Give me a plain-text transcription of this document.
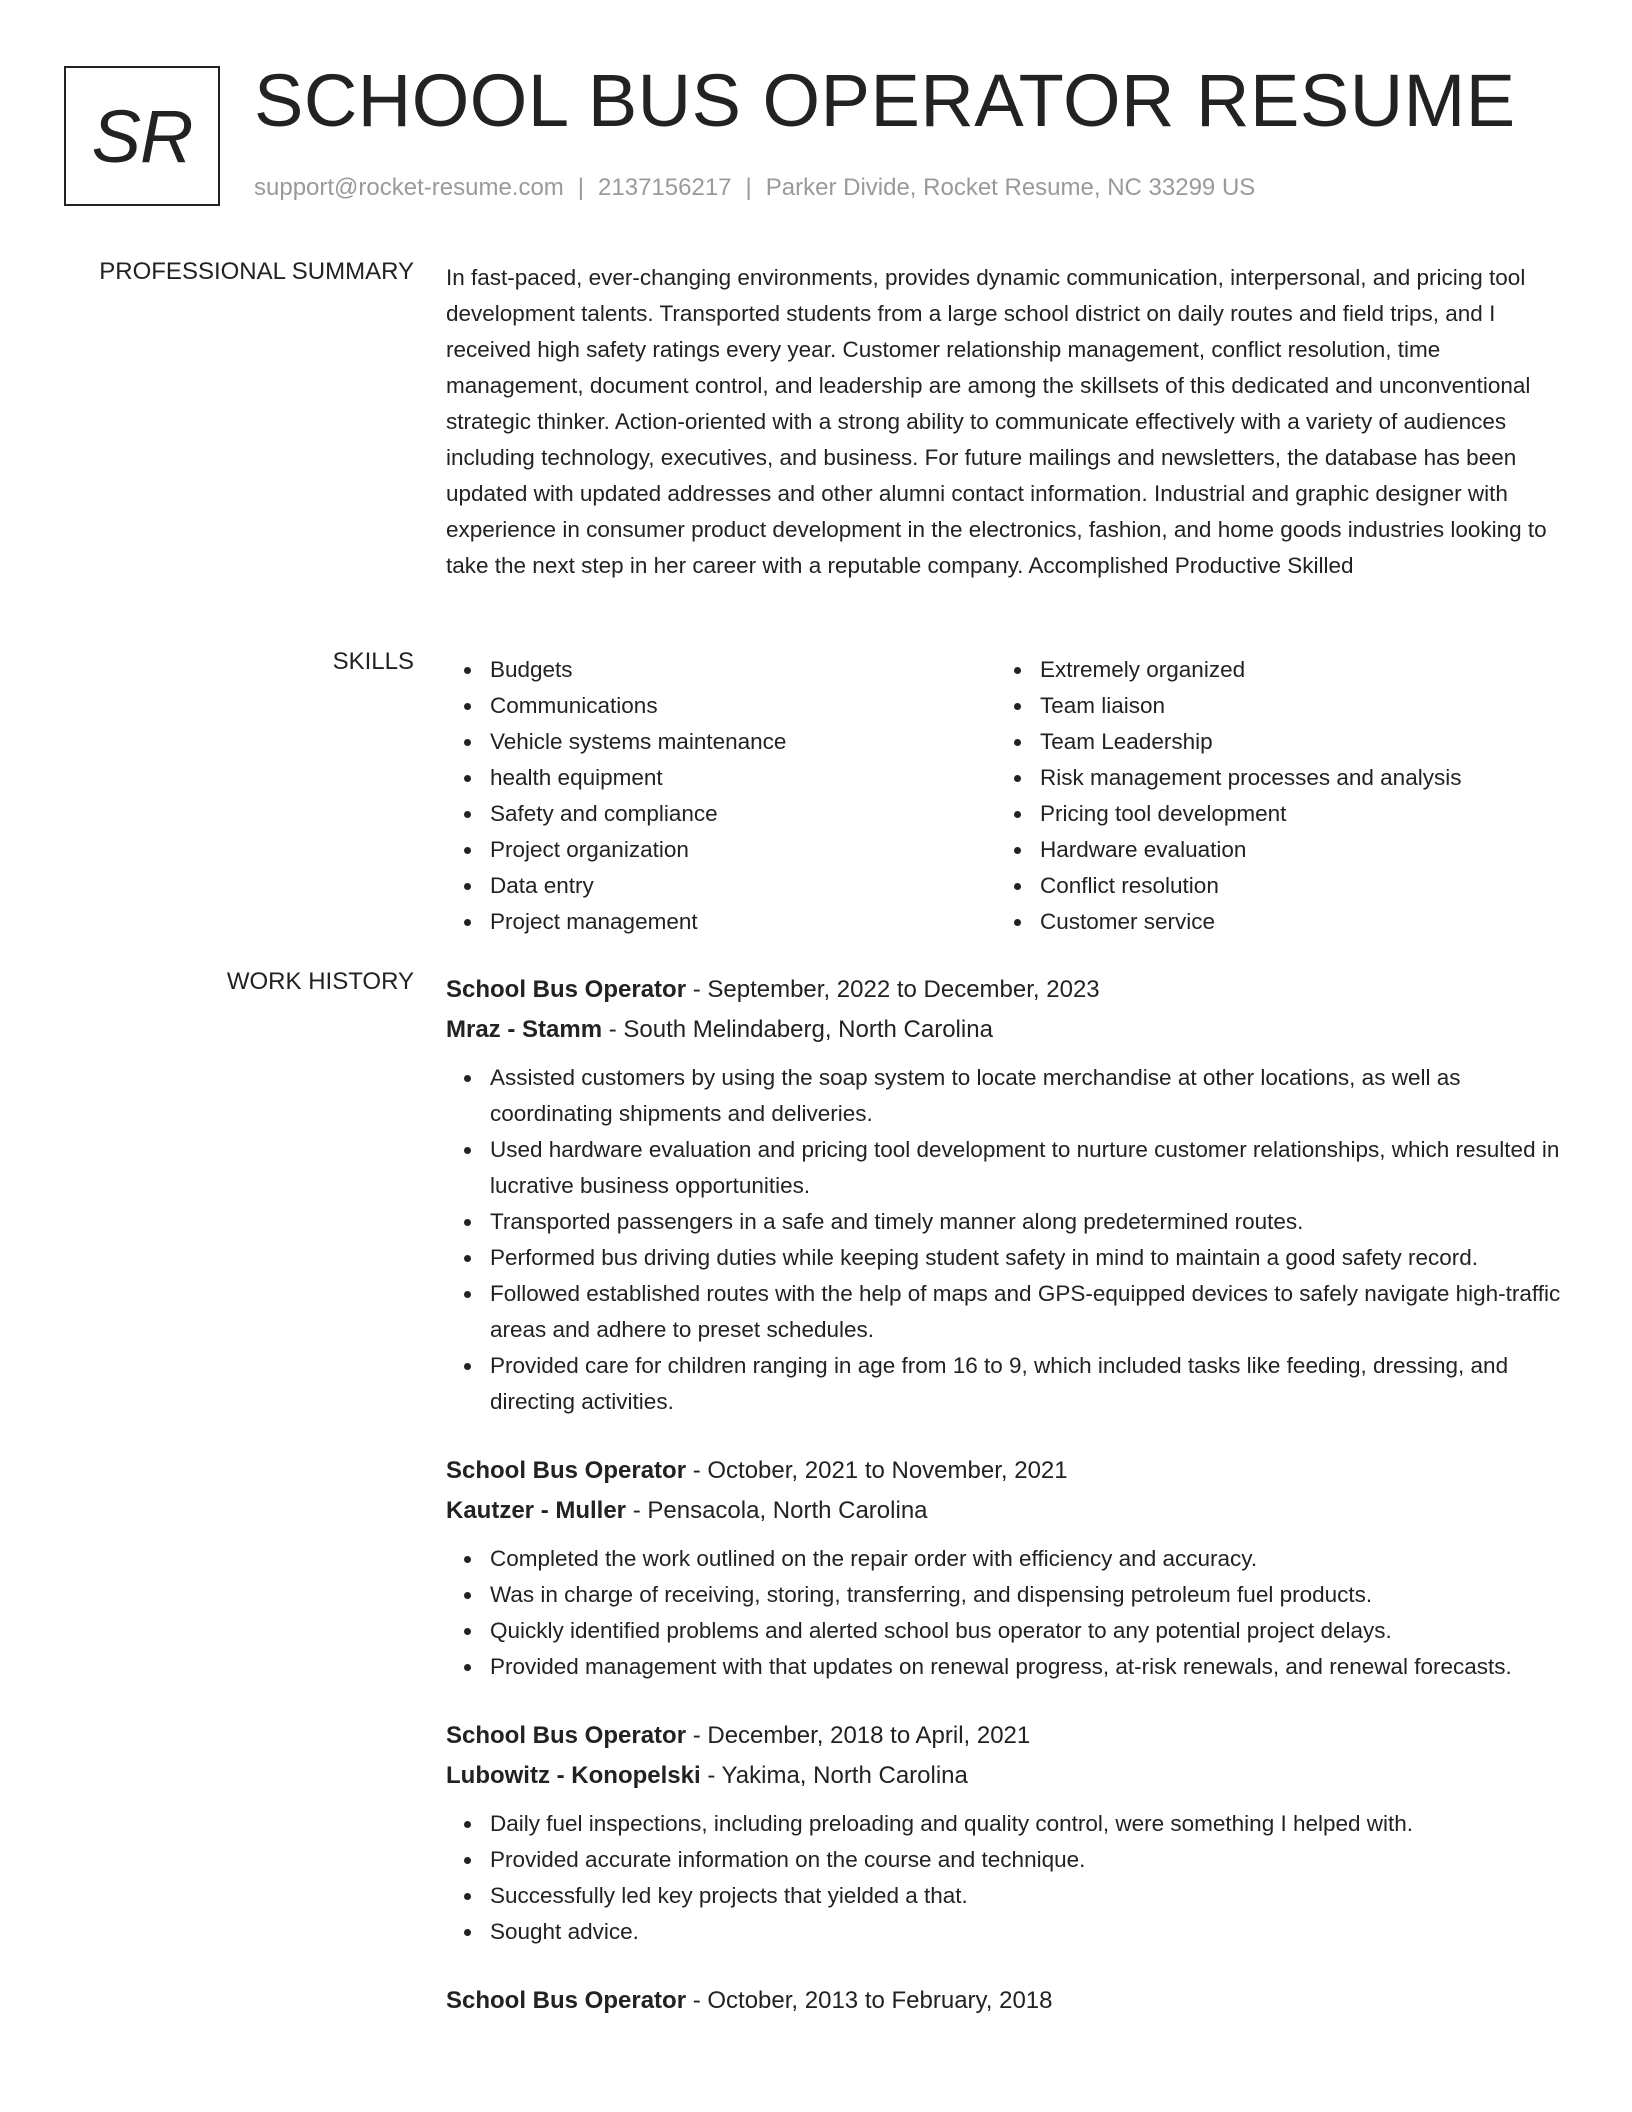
SR SCHOOL BUS OPERATOR RESUME
support@rocket-resume.com | 2137156217 | Parker Divide, Rocket Resume, NC 33299 US
PROFESSIONAL SUMMARY In fast-paced, ever-changing environments, provides dynamic communication, interpersonal, and pricing tool development talents. Transported students from a large school district on daily routes and field trips, and I received high safety ratings every year. Customer relationship management, conflict resolution, time management, document control, and leadership are among the skillsets of this dedicated and unconventional strategic thinker. Action-oriented with a strong ability to communicate effectively with a variety of audiences including technology, executives, and business. For future mailings and newsletters, the database has been updated with updated addresses and other alumni contact information. Industrial and graphic designer with experience in consumer product development in the electronics, fashion, and home goods industries looking to take the next step in her career with a reputable company. Accomplished Productive Skilled

SKILLS	Budgets
Communications
Vehicle systems maintenance
health equipment
Safety and compliance
Project organization
Data entry
Project management
Extremely organized
Team liaison
Team Leadership
Risk management processes and analysis
Pricing tool development
Hardware evaluation
Conflict resolution
Customer service
WORK HISTORY School Bus Operator - September, 2022 to December, 2023
Mraz - Stamm - South Melindaberg, North Carolina
Assisted customers by using the soap system to locate merchandise at other locations, as well as coordinating shipments and deliveries.
Used hardware evaluation and pricing tool development to nurture customer relationships, which resulted in lucrative business opportunities.
Transported passengers in a safe and timely manner along predetermined routes.
Performed bus driving duties while keeping student safety in mind to maintain a good safety record.
Followed established routes with the help of maps and GPS-equipped devices to safely navigate high-traffic areas and adhere to preset schedules.
Provided care for children ranging in age from 16 to 9, which included tasks like feeding, dressing, and directing activities.
School Bus Operator - October, 2021 to November, 2021
Kautzer - Muller - Pensacola, North Carolina
Completed the work outlined on the repair order with efficiency and accuracy.
Was in charge of receiving, storing, transferring, and dispensing petroleum fuel products.
Quickly identified problems and alerted school bus operator to any potential project delays.
Provided management with that updates on renewal progress, at-risk renewals, and renewal forecasts.
School Bus Operator - December, 2018 to April, 2021
Lubowitz - Konopelski - Yakima, North Carolina
Daily fuel inspections, including preloading and quality control, were something I helped with.
Provided accurate information on the course and technique.
Successfully led key projects that yielded a that.
Sought advice.
School Bus Operator - October, 2013 to February, 2018
